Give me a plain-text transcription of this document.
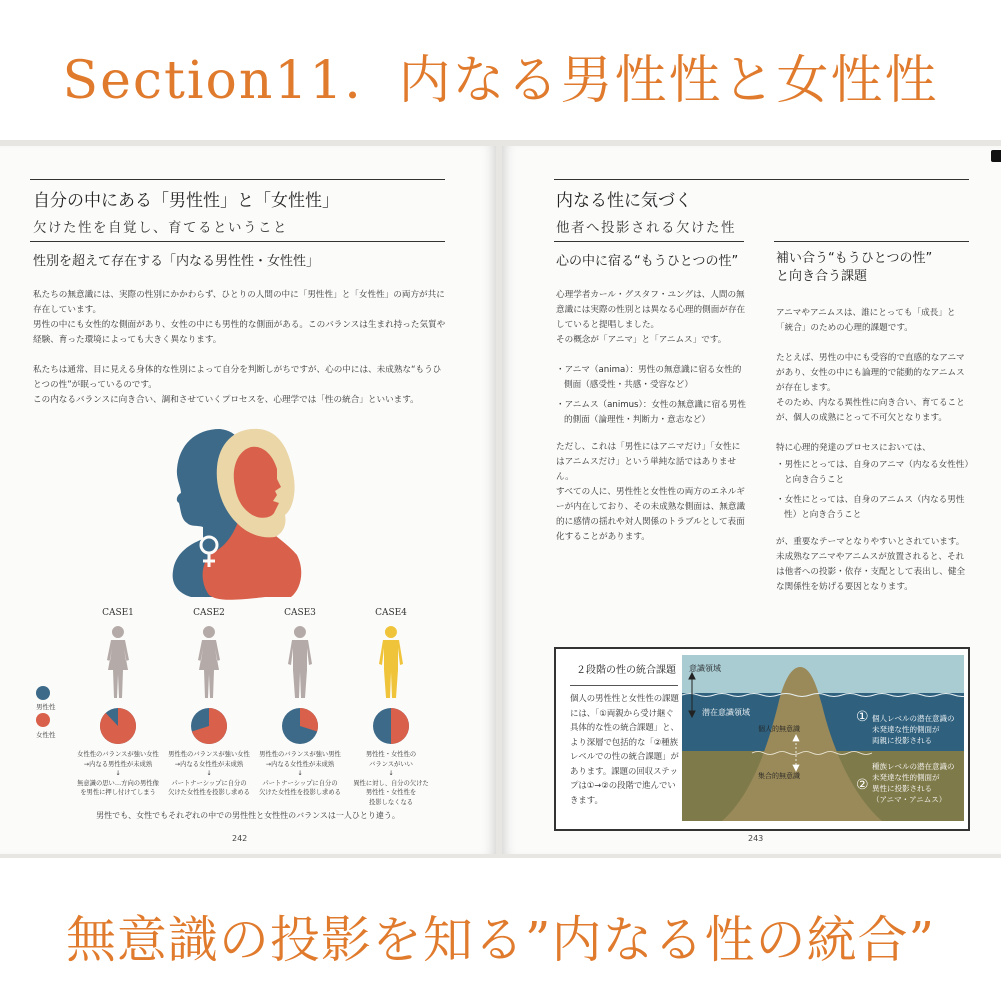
Section11．内なる男性性と女性性
自分の中にある「男性性」と「女性性」
欠けた性を自覚し、育てるということ
性別を超えて存在する「内なる男性性・女性性」

私たちの無意識には、実際の性別にかかわらず、ひとりの人間の中に「男性性」と「女性性」の両方が共に存在しています。
男性の中にも女性的な側面があり、女性の中にも男性的な側面がある。このバランスは生まれ持った気質や経験、育った環境によっても大きく異なります。

私たちは通常、目に見える身体的な性別によって自分を判断しがちですが、心の中には、未成熟な“もうひとつの性”が眠っているのです。
この内なるバランスに向き合い、調和させていくプロセスを、心理学では「性の統合」といいます。

男性性
女性性
CASE1
女性性のバランスが強い女性
→内なる男性性が未成熟
↓
無意識の思い…方向の男性像
を男性に押し付けてしまう
CASE2
男性性のバランスが強い女性
→内なる女性性が未成熟
↓
パートナーシップに自分の
欠けた女性性を投影し求める
CASE3
男性性のバランスが強い男性
→内なる女性性が未成熟
↓
パートナーシップに自分の
欠けた女性性を投影し求める
CASE4
男性性・女性性の
バランスがいい
↓
異性に対し、自分の欠けた
男性性・女性性を
投影しなくなる
男性でも、女性でもそれぞれの中での男性性と女性性のバランスは一人ひとり違う。
242
内なる性に気づく
他者へ投影される欠けた性
心の中に宿る“もうひとつの性”	補い合う“もうひとつの性”
と向き合う課題

心理学者カール・グスタフ・ユングは、人間の無意識には実際の性別とは異なる心理的側面が存在していると提唱しました。
その概念が「アニマ」と「アニムス」です。

・アニマ（anima）：男性の無意識に宿る女性的側面（感受性・共感・受容など）
・アニムス（animus）：女性の無意識に宿る男性的側面（論理性・判断力・意志など）

ただし、これは「男性にはアニマだけ」「女性にはアニムスだけ」という単純な話ではありません。
すべての人に、男性性と女性性の両方のエネルギーが内在しており、その未成熟な側面は、無意識的に感情の揺れや対人関係のトラブルとして表面化することがあります。

アニマやアニムスは、誰にとっても「成長」と「統合」のための心理的課題です。

たとえば、男性の中にも受容的で直感的なアニマがあり、女性の中にも論理的で能動的なアニムスが存在します。
そのため、内なる異性性に向き合い、育てることが、個人の成熟にとって不可欠となります。

特に心理的発達のプロセスにおいては、

・男性にとっては、自身のアニマ（内なる女性性）と向き合うこと
・女性にとっては、自身のアニムス（内なる男性性）と向き合うこと

が、重要なテーマとなりやすいとされています。
未成熟なアニマやアニムスが放置されると、それは他者への投影・依存・支配として表出し、健全な関係性を妨げる要因となります。

２段階の性の統合課題
個人の男性性と女性性の課題には、「①両親から受け継ぐ具体的な性の統合課題」と、より深層で包括的な「②種族レベルでの性の統合課題」があります。課題の回収ステップは①→②の段階で進んでいきます。
意識領域
潜在意識領域
個人的無意識
集合的無意識
① 個人レベルの潜在意識の
未発達な性的側面が
両親に投影される
②
種族レベルの潜在意識の
未発達な性的側面が
異性に投影される
（アニマ・アニムス）
243
無意識の投影を知る”内なる性の統合”
